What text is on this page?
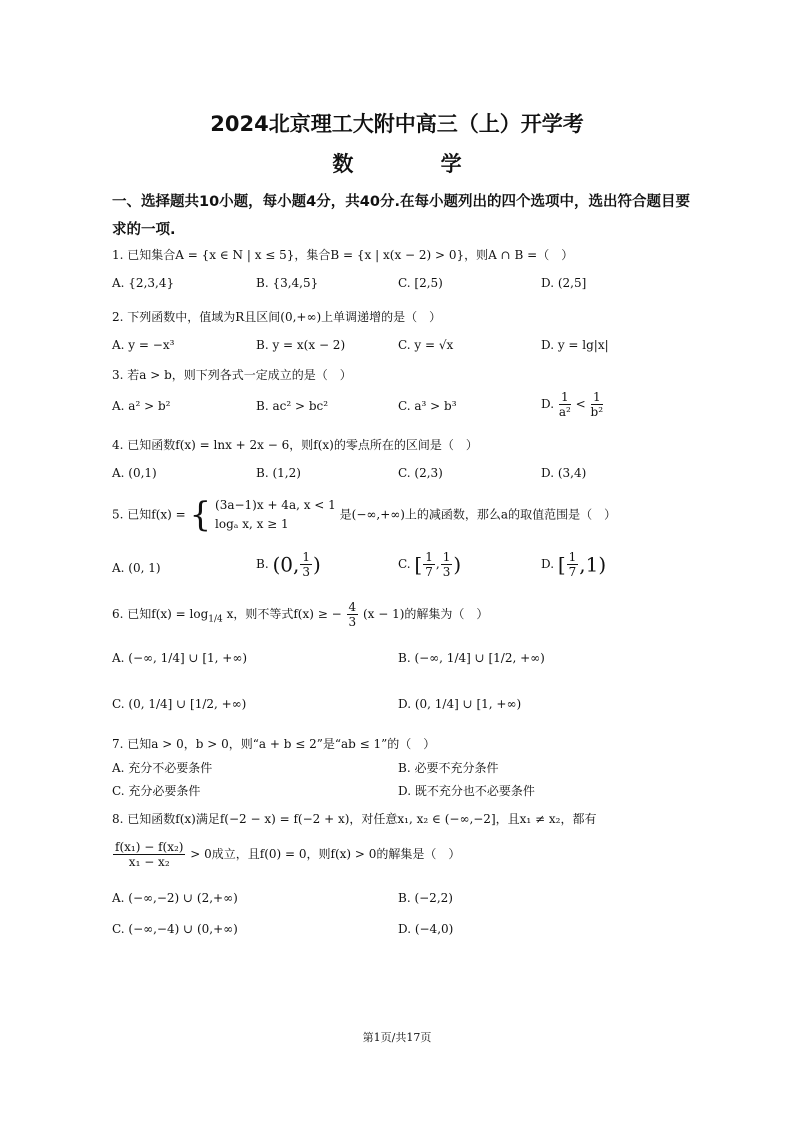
2024北京理工大附中高三（上）开学考
数 学
一、选择题共10小题，每小题4分，共40分.在每小题列出的四个选项中，选出符合题目要求的一项.
1. 已知集合A = {x ∈ N | x ≤ 5}，集合B = {x | x(x − 2) > 0}，则A ∩ B =（　）
A. {2,3,4}	B. {3,4,5}	C. [2,5)	D. (2,5]
2. 下列函数中，值域为R且区间(0,+∞)上单调递增的是（　）
A. y = −x³	B. y = x(x − 2)	C. y = √x	D. y = lg|x|
3. 若a > b，则下列各式一定成立的是（　）
A. a² > b²	B. ac² > bc²	C. a³ > b³	D. $\frac{1}{\text{a²}} < \frac{1}{\text{b²}}$
4. 已知函数f(x) = lnx + 2x − 6，则f(x)的零点所在的区间是（　）
A. (0,1)	B. (1,2)	C. (2,3)	D. (3,4)
5. 已知f(x) = { (3a−1)x + 4a, x < 1
logₐ x, x ≥ 1
是(−∞,+∞)上的减函数，那么a的取值范围是（　）
A. (0, 1)	B. (0, $\frac{1}{3}$ )	C. [ $\frac{1}{7}$ , $\frac{1}{3}$ )	D. [ $\frac{1}{7} ,1$)
6. 已知$f(x) = \log_{1/4} x$，则不等式f(x) ≥ − $\frac{4}{3} (x - 1)$的解集为（　）
A. (−∞, 1/4] ∪ [1, +∞)	B. (−∞, 1/4] ∪ [1/2, +∞)
C. (0, 1/4] ∪ [1/2, +∞)	D. (0, 1/4] ∪ [1, +∞)
7. 已知a > 0，b > 0，则“a + b ≤ 2”是“ab ≤ 1”的（　）
A. 充分不必要条件	B. 必要不充分条件
C. 充分必要条件	D. 既不充分也不必要条件
8. 已知函数f(x)满足f(−2 − x) = f(−2 + x)，对任意x₁, x₂ ∈ (−∞,−2]，且x₁ ≠ x₂，都有
$\frac{\text{f(x₁) − f(x₂)}}{\text{x₁ − x₂}} > 0$成立，且f(0) = 0，则f(x) > 0的解集是（　）
A. (−∞,−2) ∪ (2,+∞)	B. (−2,2)
C. (−∞,−4) ∪ (0,+∞)	D. (−4,0)
第1页/共17页
